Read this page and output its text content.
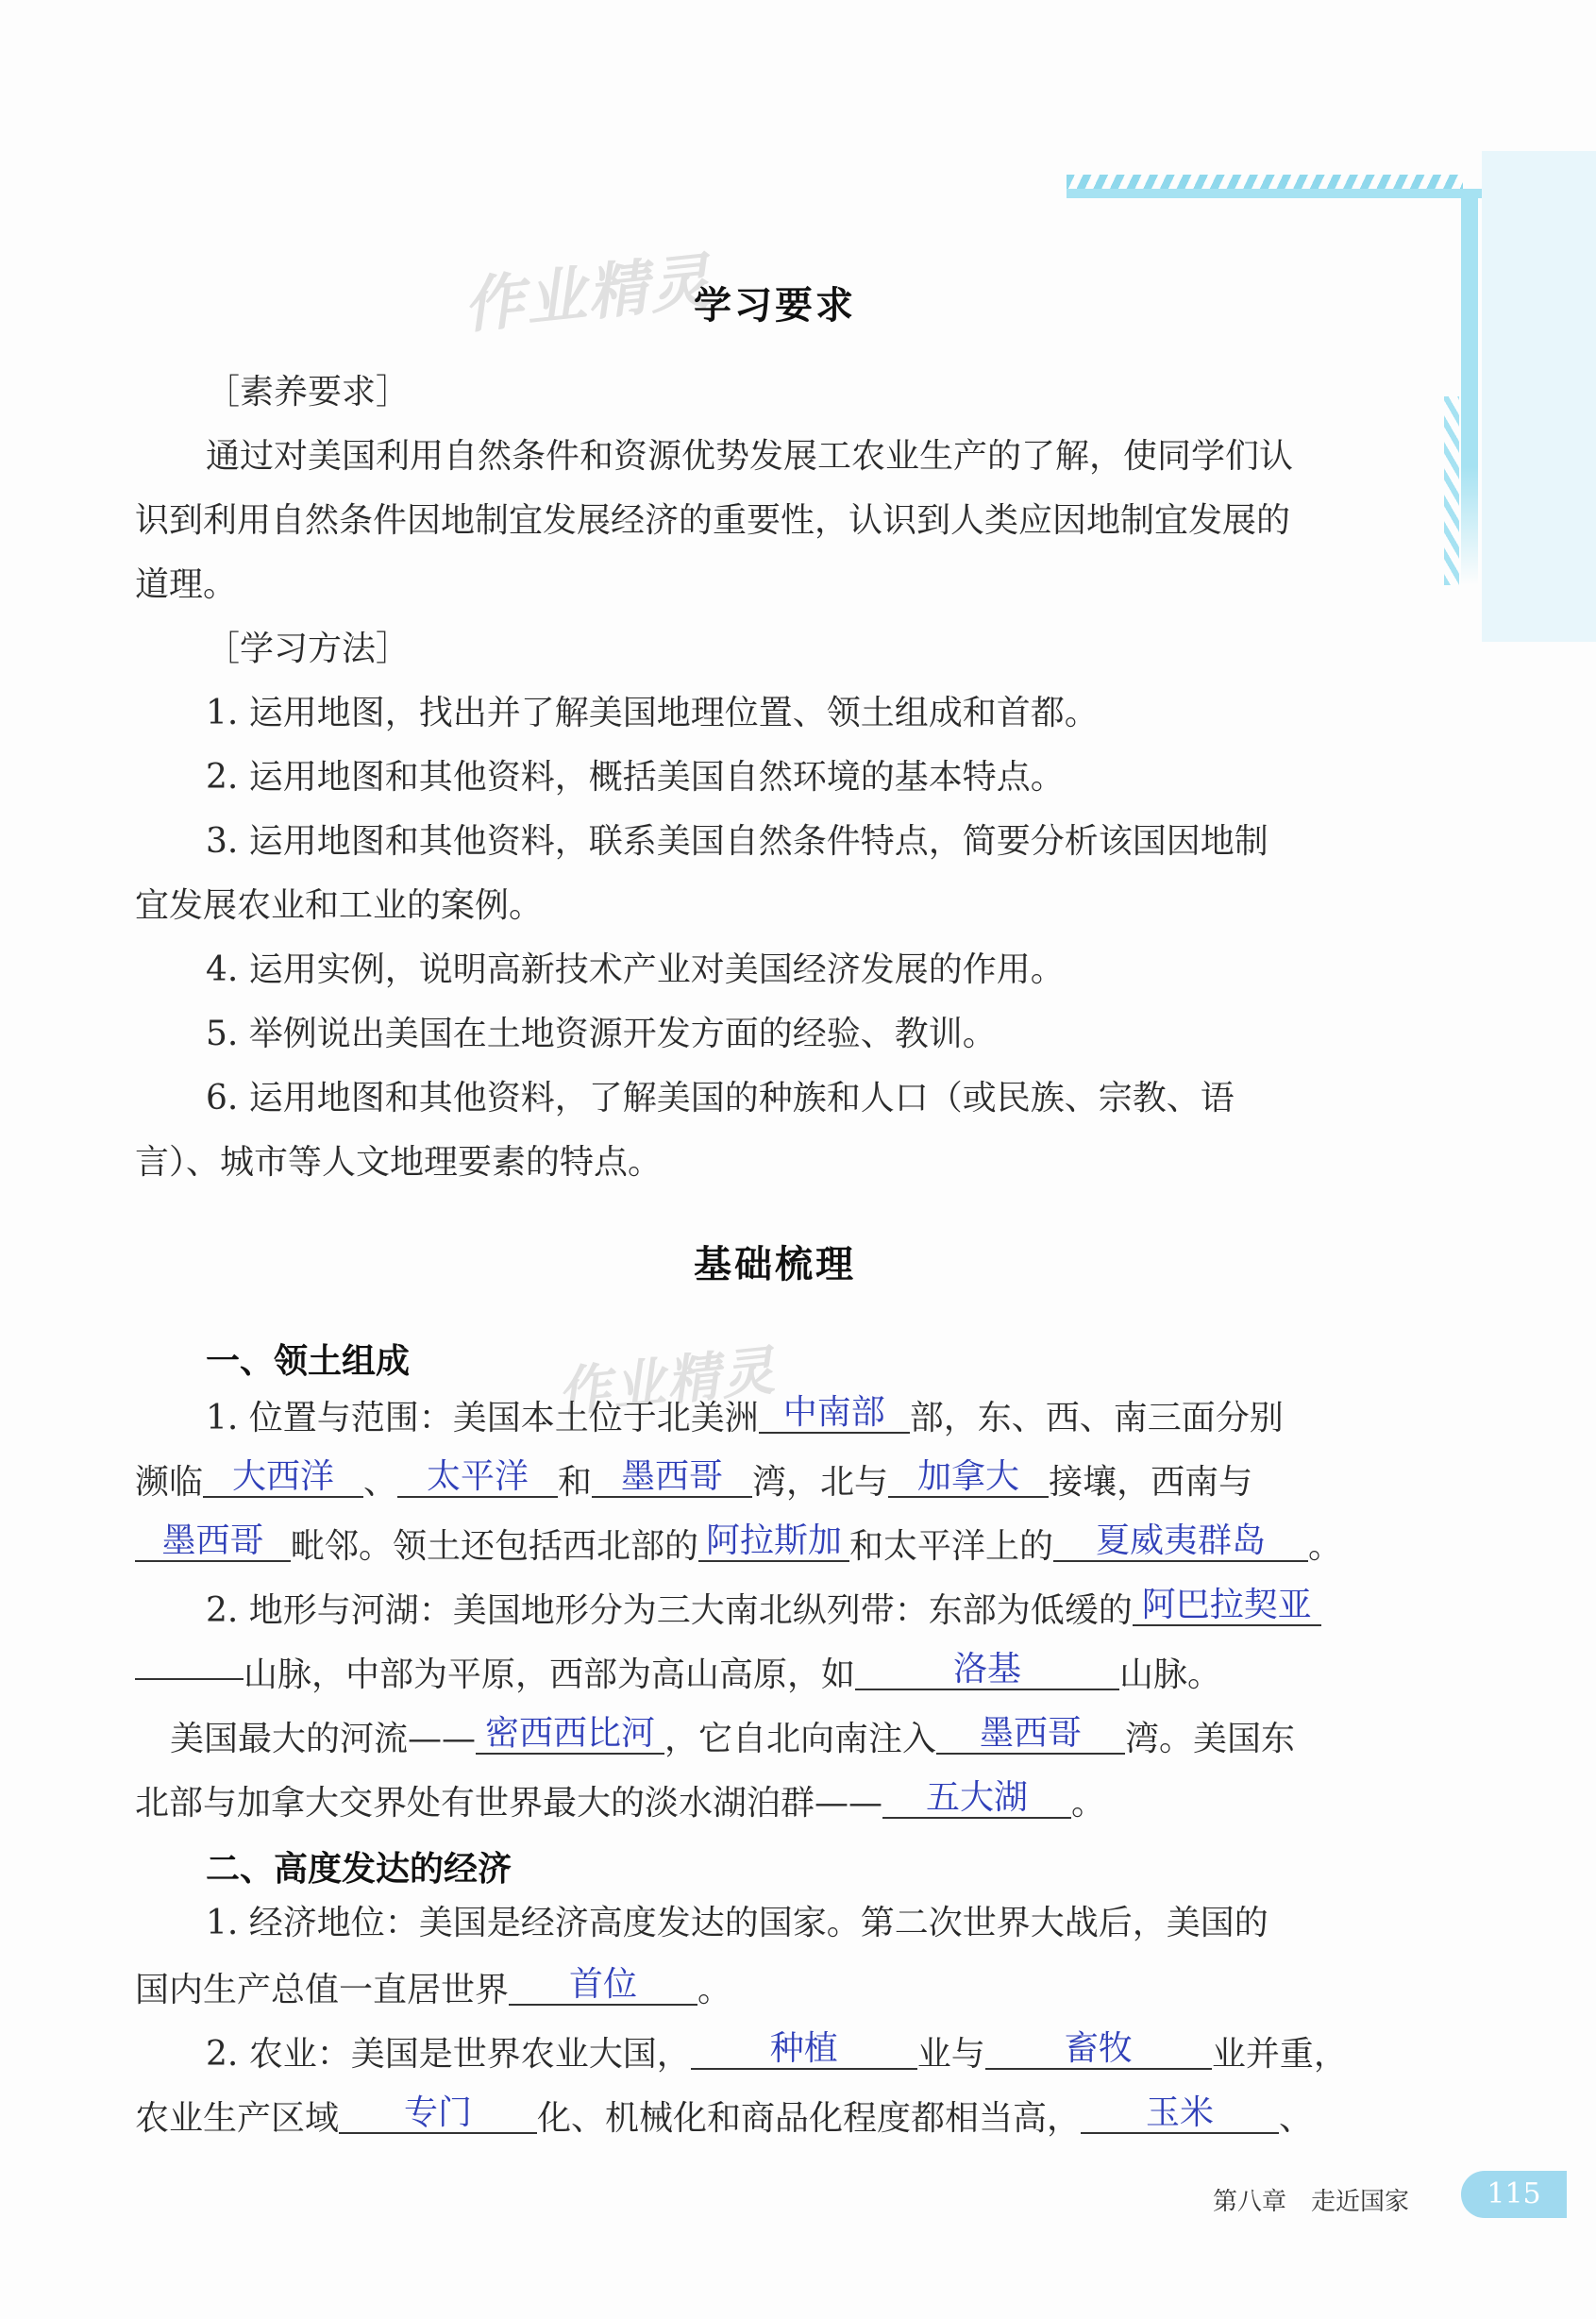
作业精灵
作业精灵
学习要求
［素养要求］
通过对美国利用自然条件和资源优势发展工农业生产的了解，使同学们认
识到利用自然条件因地制宜发展经济的重要性，认识到人类应因地制宜发展的
道理。
［学习方法］
1. 运用地图，找出并了解美国地理位置、领土组成和首都。
2. 运用地图和其他资料，概括美国自然环境的基本特点。
3. 运用地图和其他资料，联系美国自然条件特点，简要分析该国因地制
宜发展农业和工业的案例。
4. 运用实例，说明高新技术产业对美国经济发展的作用。
5. 举例说出美国在土地资源开发方面的经验、教训。
6. 运用地图和其他资料，了解美国的种族和人口（或民族、宗教、语
言）、城市等人文地理要素的特点。
基础梳理
一、领土组成
1. 位置与范围：美国本土位于北美洲 中南部 部，东、西、南三面分别
濒临 大西洋 、 太平洋 和 墨西哥 湾，北与 加拿大 接壤，西南与
墨西哥 毗邻。领土还包括西北部的 阿拉斯加 和太平洋上的 夏威夷群岛 。
2. 地形与河湖：美国地形分为三大南北纵列带：东部为低缓的 阿巴拉契亚
山脉，中部为平原，西部为高山高原，如	洛基	山脉。
美国最大的河流—— 密西西比河 ，它自北向南注入 墨西哥 湾。美国东
北部与加拿大交界处有世界最大的淡水湖泊群—— 五大湖 。
二、高度发达的经济
1. 经济地位：美国是经济高度发达的国家。第二次世界大战后，美国的
国内生产总值一直居世界 首位 。
2. 农业：美国是世界农业大国， 种植 业与 畜牧 业并重，
农业生产区域 专门 化、机械化和商品化程度都相当高， 玉米 、
第八章　走近国家	115
